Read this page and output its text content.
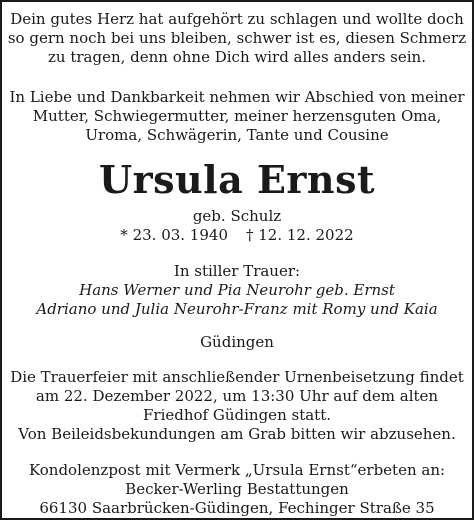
Dein gutes Herz hat aufgehört zu schlagen und wollte doch
so gern noch bei uns bleiben, schwer ist es, diesen Schmerz
zu tragen, denn ohne Dich wird alles anders sein.
In Liebe und Dankbarkeit nehmen wir Abschied von meiner
Mutter, Schwiegermutter, meiner herzensguten Oma,
Uroma, Schwägerin, Tante und Cousine
Ursula Ernst
geb. Schulz
* 23. 03. 1940 † 12. 12. 2022
In stiller Trauer:
Hans Werner und Pia Neurohr geb. Ernst
Adriano und Julia Neurohr-Franz mit Romy und Kaia
Güdingen
Die Trauerfeier mit anschließender Urnenbeisetzung findet
am 22. Dezember 2022, um 13:30 Uhr auf dem alten
Friedhof Güdingen statt.
Von Beileidsbekundungen am Grab bitten wir abzusehen.
Kondolenzpost mit Vermerk „Ursula Ernst“erbeten an:
Becker-Werling Bestattungen
66130 Saarbrücken-Güdingen, Fechinger Straße 35
